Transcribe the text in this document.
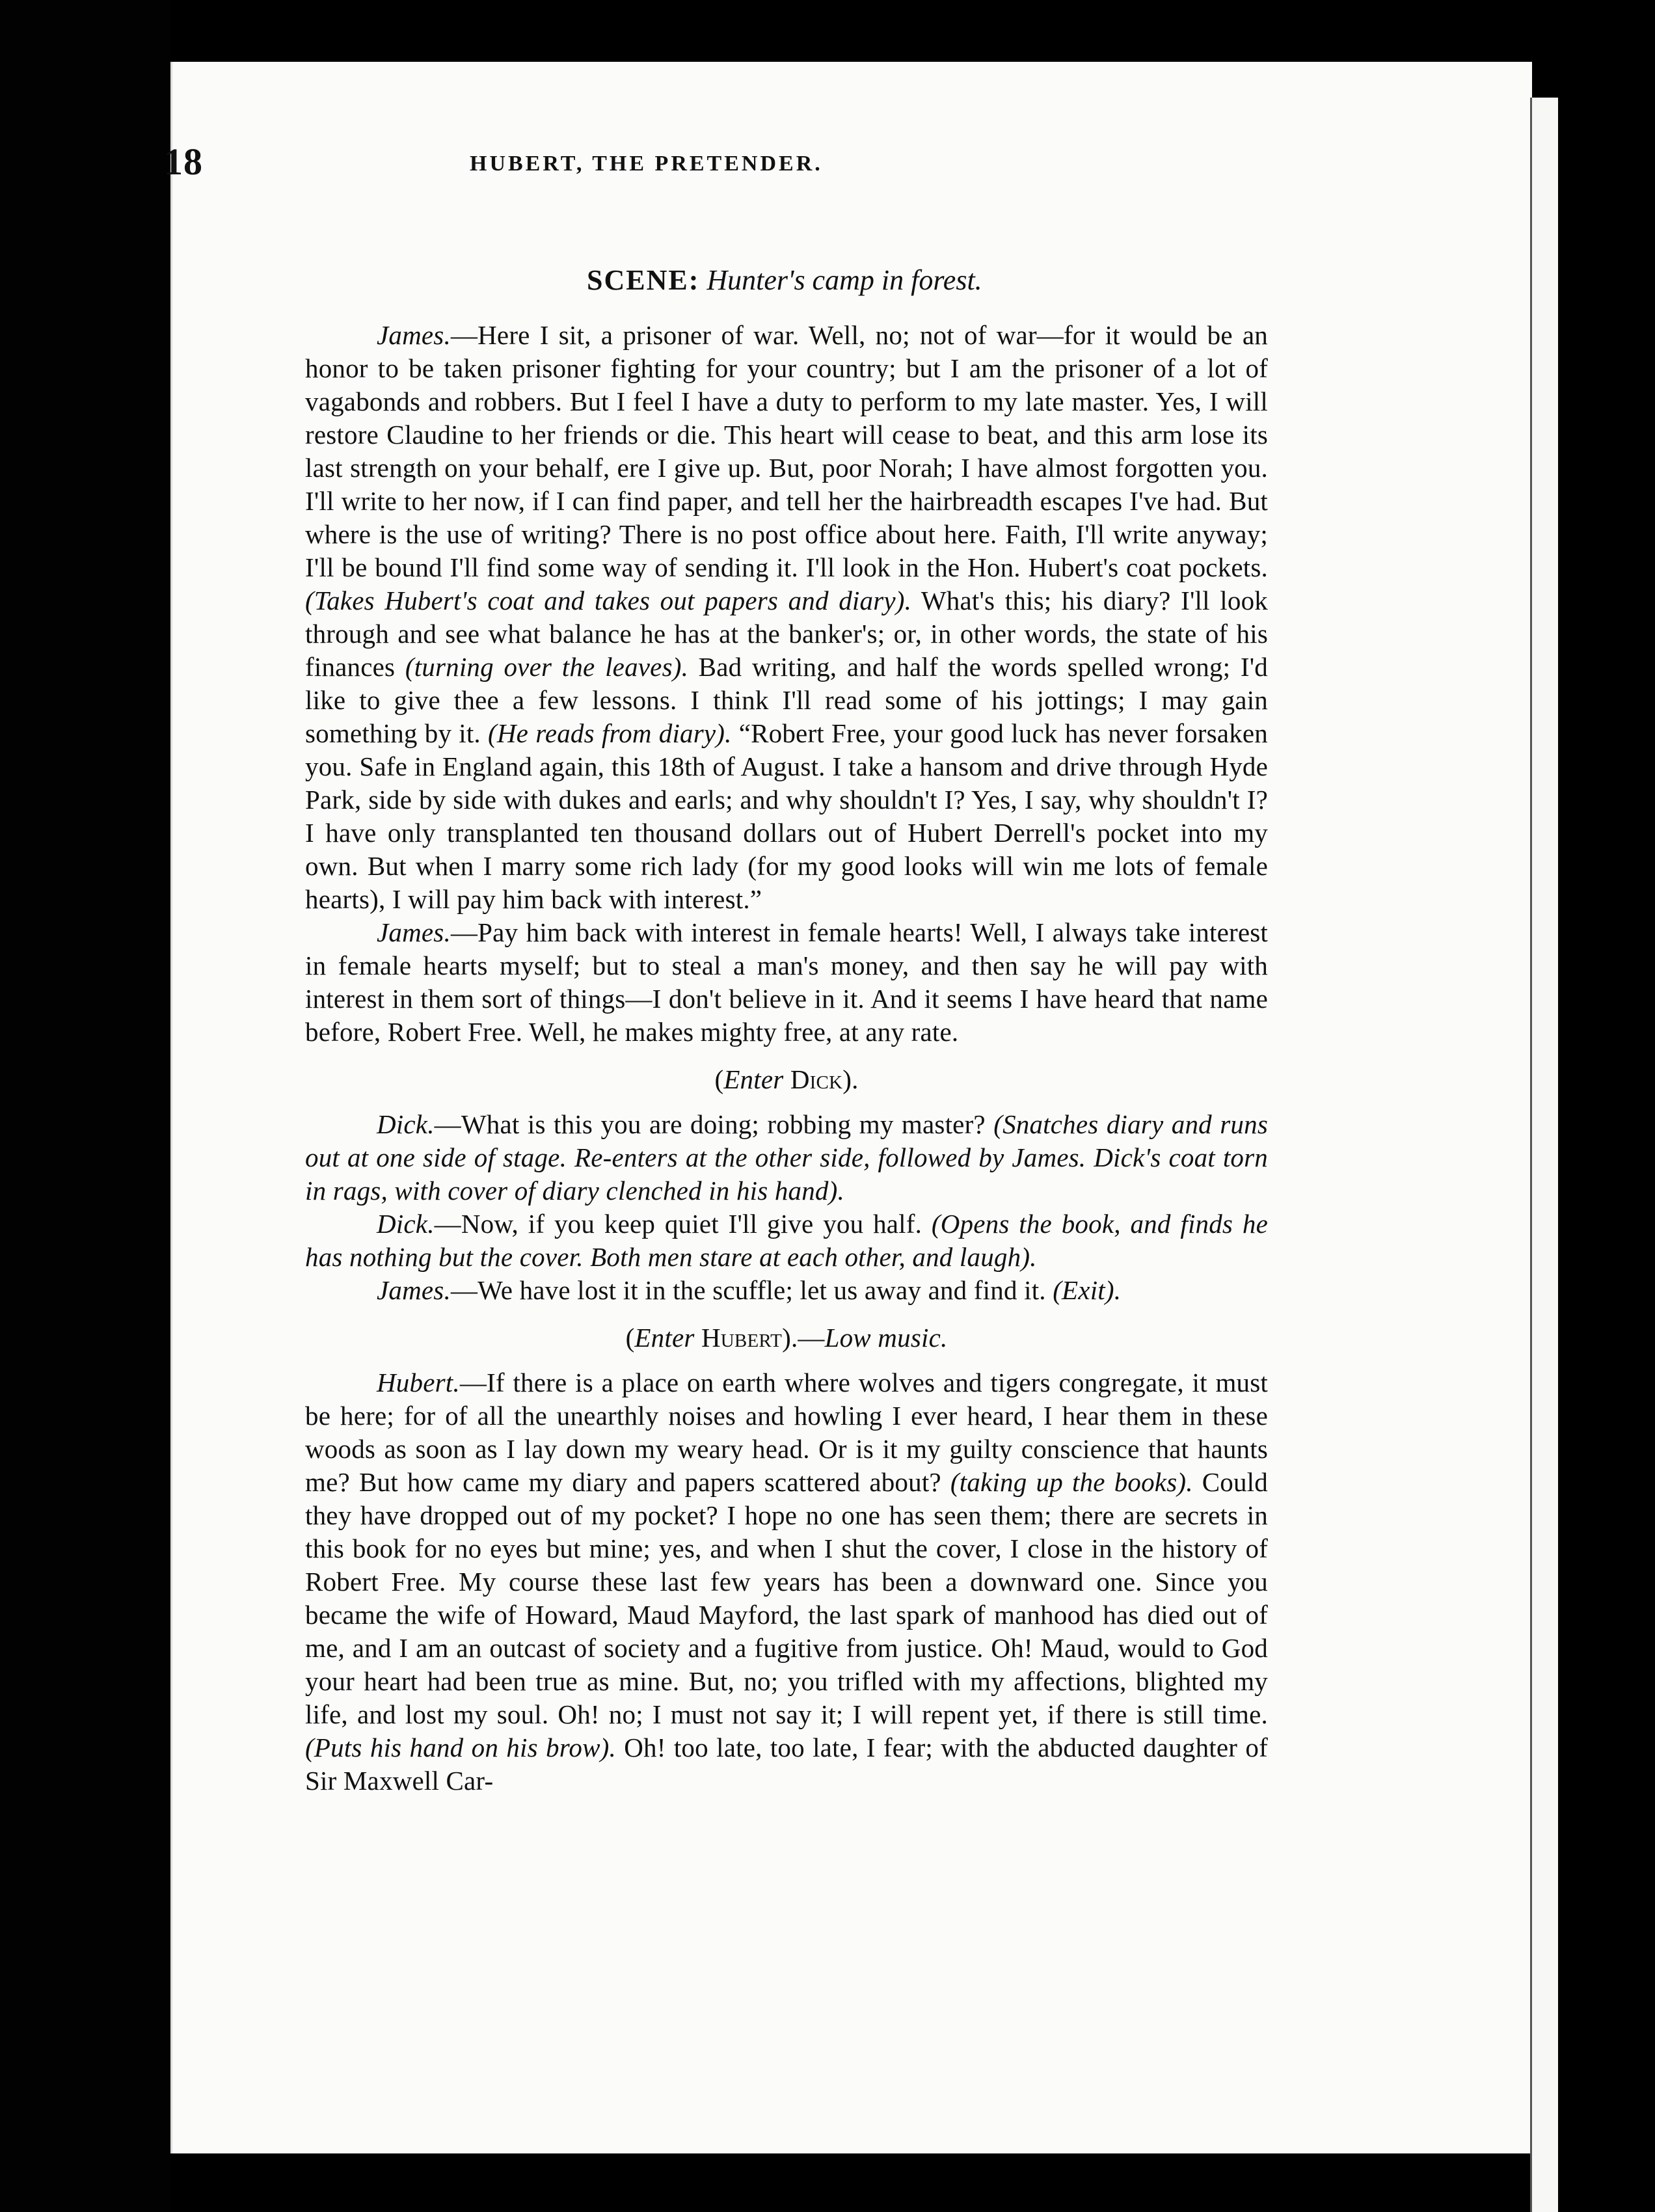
18	HUBERT, THE PRETENDER.
SCENE: Hunter's camp in forest.

James.—Here I sit, a prisoner of war. Well, no; not of war—for it would be an honor to be taken prisoner fighting for your country; but I am the prisoner of a lot of vagabonds and robbers. But I feel I have a duty to perform to my late master. Yes, I will restore Claudine to her friends or die. This heart will cease to beat, and this arm lose its last strength on your behalf, ere I give up. But, poor Norah; I have almost forgotten you. I'll write to her now, if I can find paper, and tell her the hairbreadth escapes I've had. But where is the use of writing? There is no post office about here. Faith, I'll write anyway; I'll be bound I'll find some way of sending it. I'll look in the Hon. Hubert's coat pockets. (Takes Hubert's coat and takes out papers and diary). What's this; his diary? I'll look through and see what balance he has at the banker's; or, in other words, the state of his finances (turning over the leaves). Bad writing, and half the words spelled wrong; I'd like to give thee a few lessons. I think I'll read some of his jottings; I may gain something by it. (He reads from diary). “Robert Free, your good luck has never forsaken you. Safe in England again, this 18th of August. I take a hansom and drive through Hyde Park, side by side with dukes and earls; and why shouldn't I? Yes, I say, why shouldn't I? I have only transplanted ten thousand dollars out of Hubert Derrell's pocket into my own. But when I marry some rich lady (for my good looks will win me lots of female hearts), I will pay him back with interest.”

James.—Pay him back with interest in female hearts! Well, I always take interest in female hearts myself; but to steal a man's money, and then say he will pay with interest in them sort of things—I don't believe in it. And it seems I have heard that name before, Robert Free. Well, he makes mighty free, at any rate.

(Enter Dick).

Dick.—What is this you are doing; robbing my master? (Snatches diary and runs out at one side of stage. Re-enters at the other side, followed by James. Dick's coat torn in rags, with cover of diary clenched in his hand).

Dick.—Now, if you keep quiet I'll give you half. (Opens the book, and finds he has nothing but the cover. Both men stare at each other, and laugh).

James.—We have lost it in the scuffle; let us away and find it. (Exit).

(Enter Hubert).—Low music.

Hubert.—If there is a place on earth where wolves and tigers congregate, it must be here; for of all the unearthly noises and howling I ever heard, I hear them in these woods as soon as I lay down my weary head. Or is it my guilty conscience that haunts me? But how came my diary and papers scattered about? (taking up the books). Could they have dropped out of my pocket? I hope no one has seen them; there are secrets in this book for no eyes but mine; yes, and when I shut the cover, I close in the history of Robert Free. My course these last few years has been a downward one. Since you became the wife of Howard, Maud Mayford, the last spark of manhood has died out of me, and I am an outcast of society and a fugitive from justice. Oh! Maud, would to God your heart had been true as mine. But, no; you trifled with my affections, blighted my life, and lost my soul. Oh! no; I must not say it; I will repent yet, if there is still time. (Puts his hand on his brow). Oh! too late, too late, I fear; with the abducted daughter of Sir Maxwell Car-
